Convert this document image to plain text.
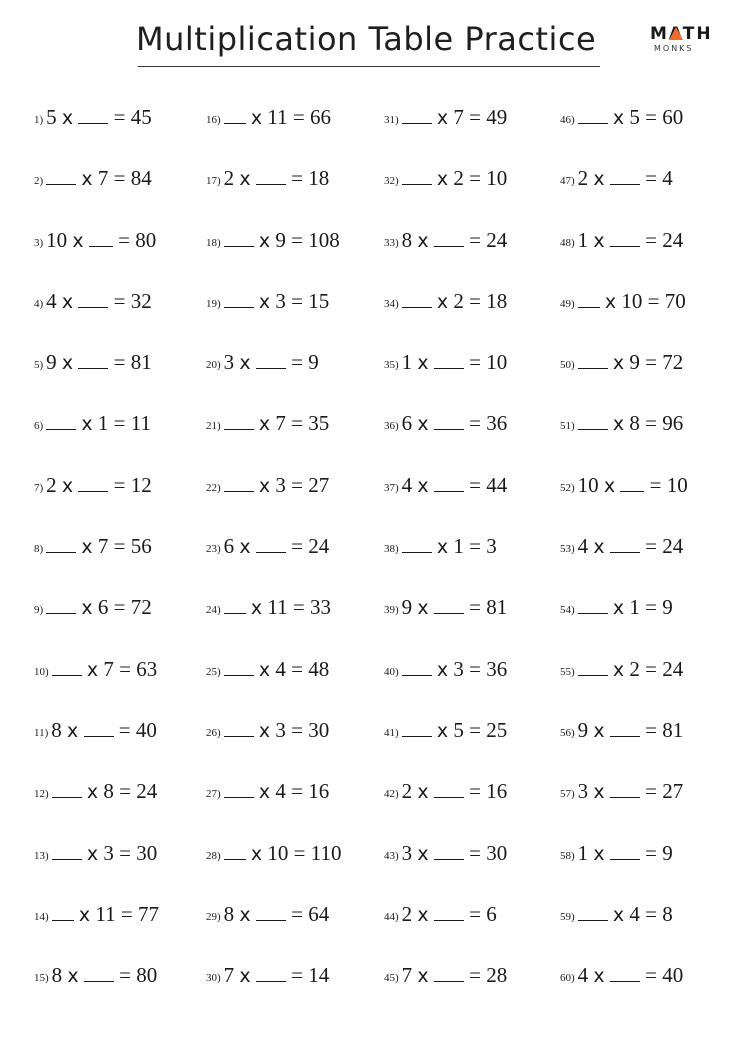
Multiplication Table Practice	MATH
MONKS
1) 5 x  = 45
2)	x 7 = 84
3) 10 x  = 80
4) 4 x  = 32
5) 9 x  = 81
6)	x 1 = 11
7) 2 x  = 12
8)	x 7 = 56
9)	x 6 = 72
10)	x 7 = 63
11) 8 x  = 40
12)	x 8 = 24
13)	x 3 = 30
14)	x 11 = 77
15) 8 x  = 80
16)	x 11 = 66
17) 2 x  = 18
18)	x 9 = 108
19)	x 3 = 15
20) 3 x  = 9
21)	x 7 = 35
22)	x 3 = 27
23) 6 x  = 24
24)	x 11 = 33
25)	x 4 = 48
26)	x 3 = 30
27)	x 4 = 16
28)	x 10 = 110
29) 8 x  = 64
30) 7 x  = 14
31)	x 7 = 49
32)	x 2 = 10
33) 8 x  = 24
34)	x 2 = 18
35) 1 x  = 10
36) 6 x  = 36
37) 4 x  = 44
38)	x 1 = 3
39) 9 x  = 81
40)	x 3 = 36
41)	x 5 = 25
42) 2 x  = 16
43) 3 x  = 30
44) 2 x  = 6
45) 7 x  = 28
46)	x 5 = 60
47) 2 x  = 4
48) 1 x  = 24
49)	x 10 = 70
50)	x 9 = 72
51)	x 8 = 96
52) 10 x  = 10
53) 4 x  = 24
54)	x 1 = 9
55)	x 2 = 24
56) 9 x  = 81
57) 3 x  = 27
58) 1 x  = 9
59)	x 4 = 8
60) 4 x  = 40
